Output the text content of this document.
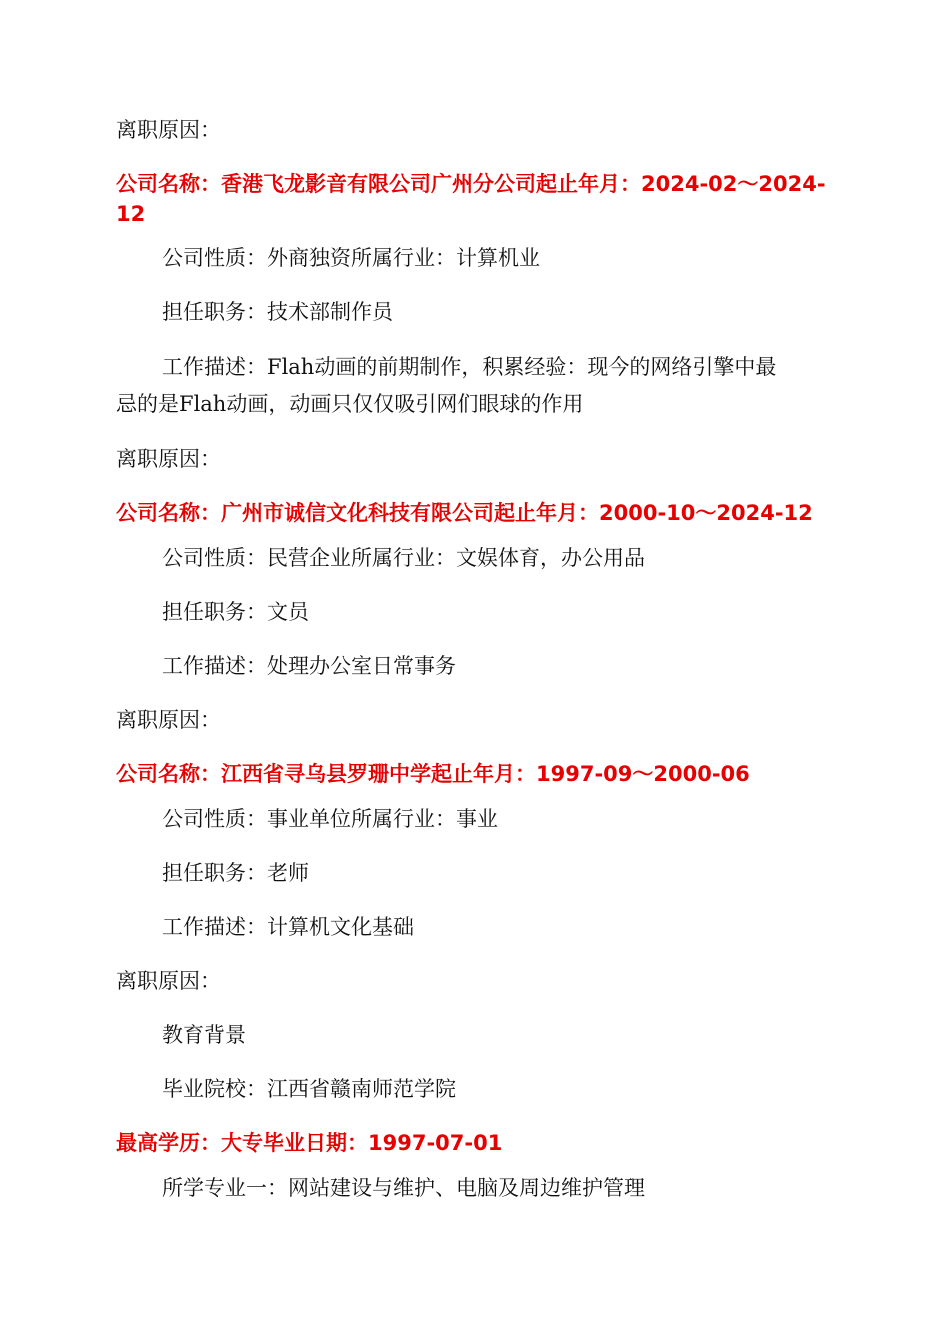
离职原因：

公司名称：香港飞龙影音有限公司广州分公司起止年月：2024-02～2024-

12

公司性质：外商独资所属行业：计算机业

担任职务：技术部制作员

工作描述：Flah动画的前期制作，积累经验：现今的网络引擎中最

忌的是Flah动画，动画只仅仅吸引网们眼球的作用

离职原因：

公司名称：广州市诚信文化科技有限公司起止年月：2000-10～2024-12

公司性质：民营企业所属行业：文娱体育，办公用品

担任职务：文员

工作描述：处理办公室日常事务

离职原因：

公司名称：江西省寻乌县罗珊中学起止年月：1997-09～2000-06

公司性质：事业单位所属行业：事业

担任职务：老师

工作描述：计算机文化基础

离职原因：

教育背景

毕业院校：江西省赣南师范学院

最高学历：大专毕业日期：1997-07-01

所学专业一：网站建设与维护、电脑及周边维护管理
